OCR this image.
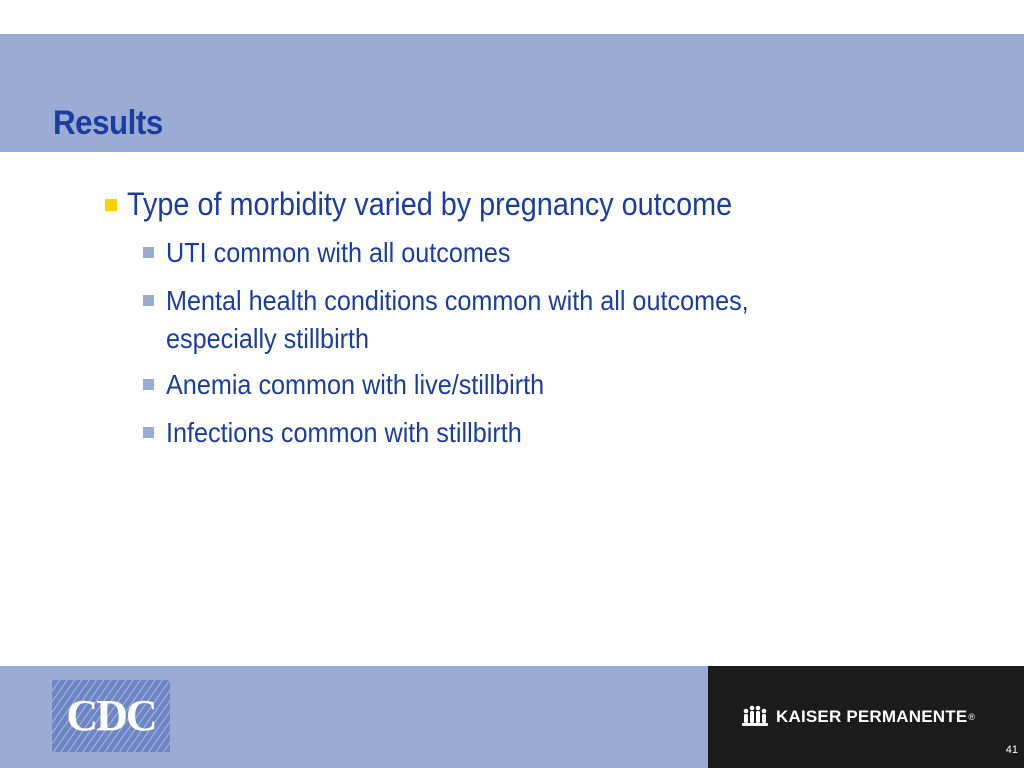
Results
Type of morbidity varied by pregnancy outcome
UTI common with all outcomes
Mental health conditions common with all outcomes, especially stillbirth
Anemia common with live/stillbirth
Infections common with stillbirth
CDC	KAISER PERMANENTE ®
41
